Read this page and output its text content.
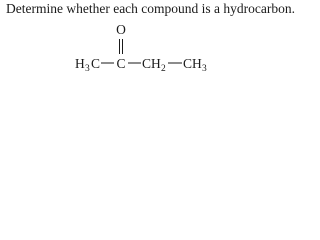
Determine whether each compound is a hydrocarbon.
O
H 3 C C CH 2 CH 3
